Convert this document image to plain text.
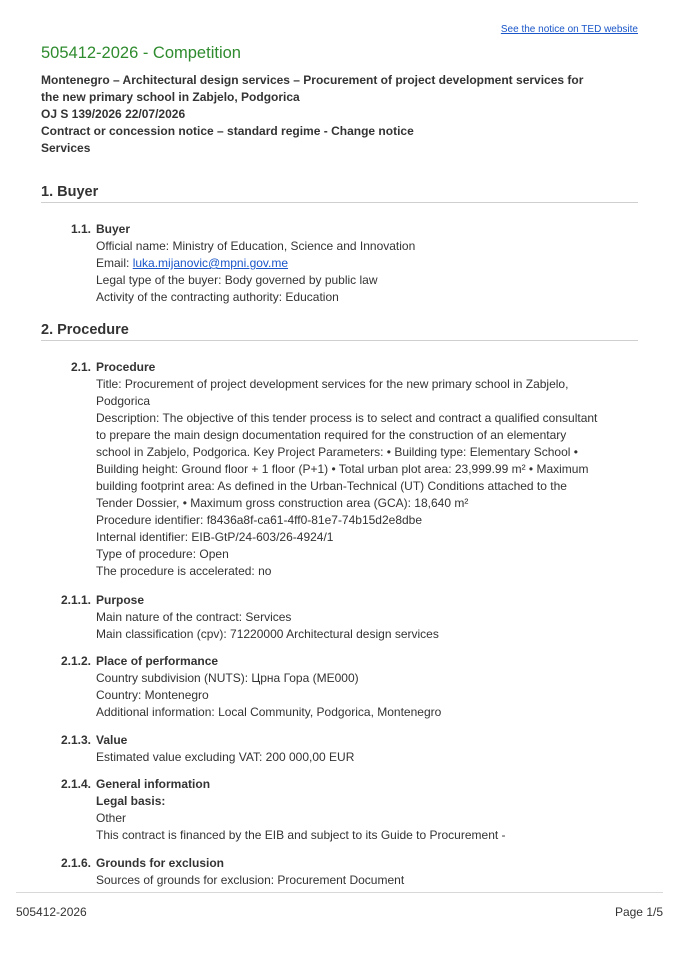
See the notice on TED website
505412-2026 - Competition
Montenegro – Architectural design services – Procurement of project development services for
the new primary school in Zabjelo, Podgorica
OJ S 139/2026 22/07/2026
Contract or concession notice – standard regime - Change notice
Services
1. Buyer
1.1. Buyer
Official name: Ministry of Education, Science and Innovation
Email: luka.mijanovic@mpni.gov.me
Legal type of the buyer: Body governed by public law
Activity of the contracting authority: Education
2. Procedure
2.1. Procedure
Title: Procurement of project development services for the new primary school in Zabjelo,
Podgorica
Description: The objective of this tender process is to select and contract a qualified consultant
to prepare the main design documentation required for the construction of an elementary
school in Zabjelo, Podgorica. Key Project Parameters: • Building type: Elementary School •
Building height: Ground floor + 1 floor (P+1) • Total urban plot area: 23,999.99 m² • Maximum
building footprint area: As defined in the Urban-Technical (UT) Conditions attached to the
Tender Dossier, • Maximum gross construction area (GCA): 18,640 m²
Procedure identifier: f8436a8f-ca61-4ff0-81e7-74b15d2e8dbe
Internal identifier: EIB-GtP/24-603/26-4924/1
Type of procedure: Open
The procedure is accelerated: no
2.1.1. Purpose
Main nature of the contract: Services
Main classification (cpv): 71220000 Architectural design services
2.1.2. Place of performance
Country subdivision (NUTS): Црна Гора (ME000)
Country: Montenegro
Additional information: Local Community, Podgorica, Montenegro
2.1.3. Value
Estimated value excluding VAT: 200 000,00 EUR
2.1.4. General information
Legal basis:
Other
This contract is financed by the EIB and subject to its Guide to Procurement -
2.1.6. Grounds for exclusion
Sources of grounds for exclusion: Procurement Document
505412-2026	Page 1/5
